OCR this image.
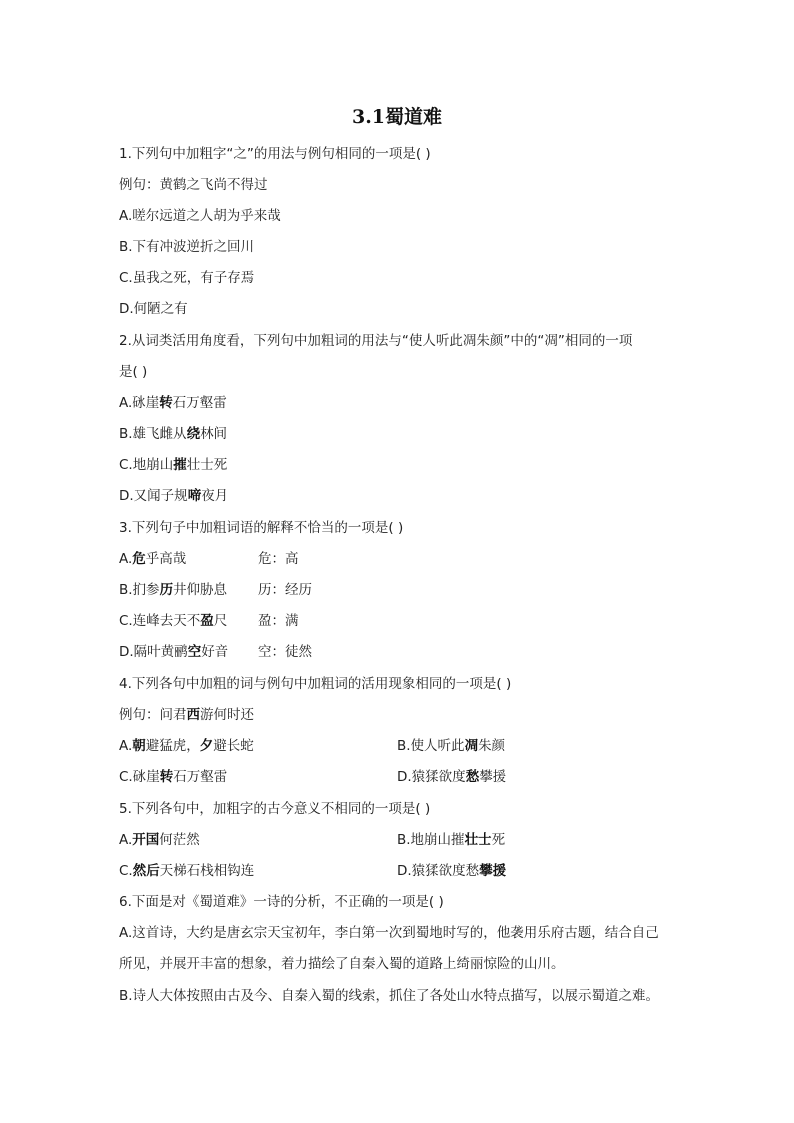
3.1蜀道难
1.下列句中加粗字“之”的用法与例句相同的一项是( )
例句：黄鹤之飞尚不得过
A.嗟尔远道之人胡为乎来哉
B.下有冲波逆折之回川
C.虽我之死，有子存焉
D.何陋之有
2.从词类活用角度看，下列句中加粗词的用法与“使人听此凋朱颜”中的“凋”相同的一项
是( )
A.砯崖转石万壑雷
B.雄飞雌从绕林间
C.地崩山摧壮士死
D.又闻子规啼夜月
3.下列句子中加粗词语的解释不恰当的一项是( )
A.危乎高哉	危：高
B.扪参历井仰胁息 历：经历
C.连峰去天不盈尺 盈：满
D.隔叶黄鹂空好音 空：徒然
4.下列各句中加粗的词与例句中加粗词的活用现象相同的一项是( )
例句：问君西游何时还
A.朝避猛虎，夕避长蛇	B.使人听此凋朱颜
C.砯崖转石万壑雷	D.猿猱欲度愁攀援
5.下列各句中，加粗字的古今意义不相同的一项是( )
A.开国何茫然	B.地崩山摧壮士死
C.然后天梯石栈相钩连	D.猿猱欲度愁攀援
6.下面是对《蜀道难》一诗的分析，不正确的一项是( )
A.这首诗，大约是唐玄宗天宝初年，李白第一次到蜀地时写的，他袭用乐府古题，结合自己
所见，并展开丰富的想象，着力描绘了自秦入蜀的道路上绮丽惊险的山川。
B.诗人大体按照由古及今、自秦入蜀的线索，抓住了各处山水特点描写，以展示蜀道之难。
